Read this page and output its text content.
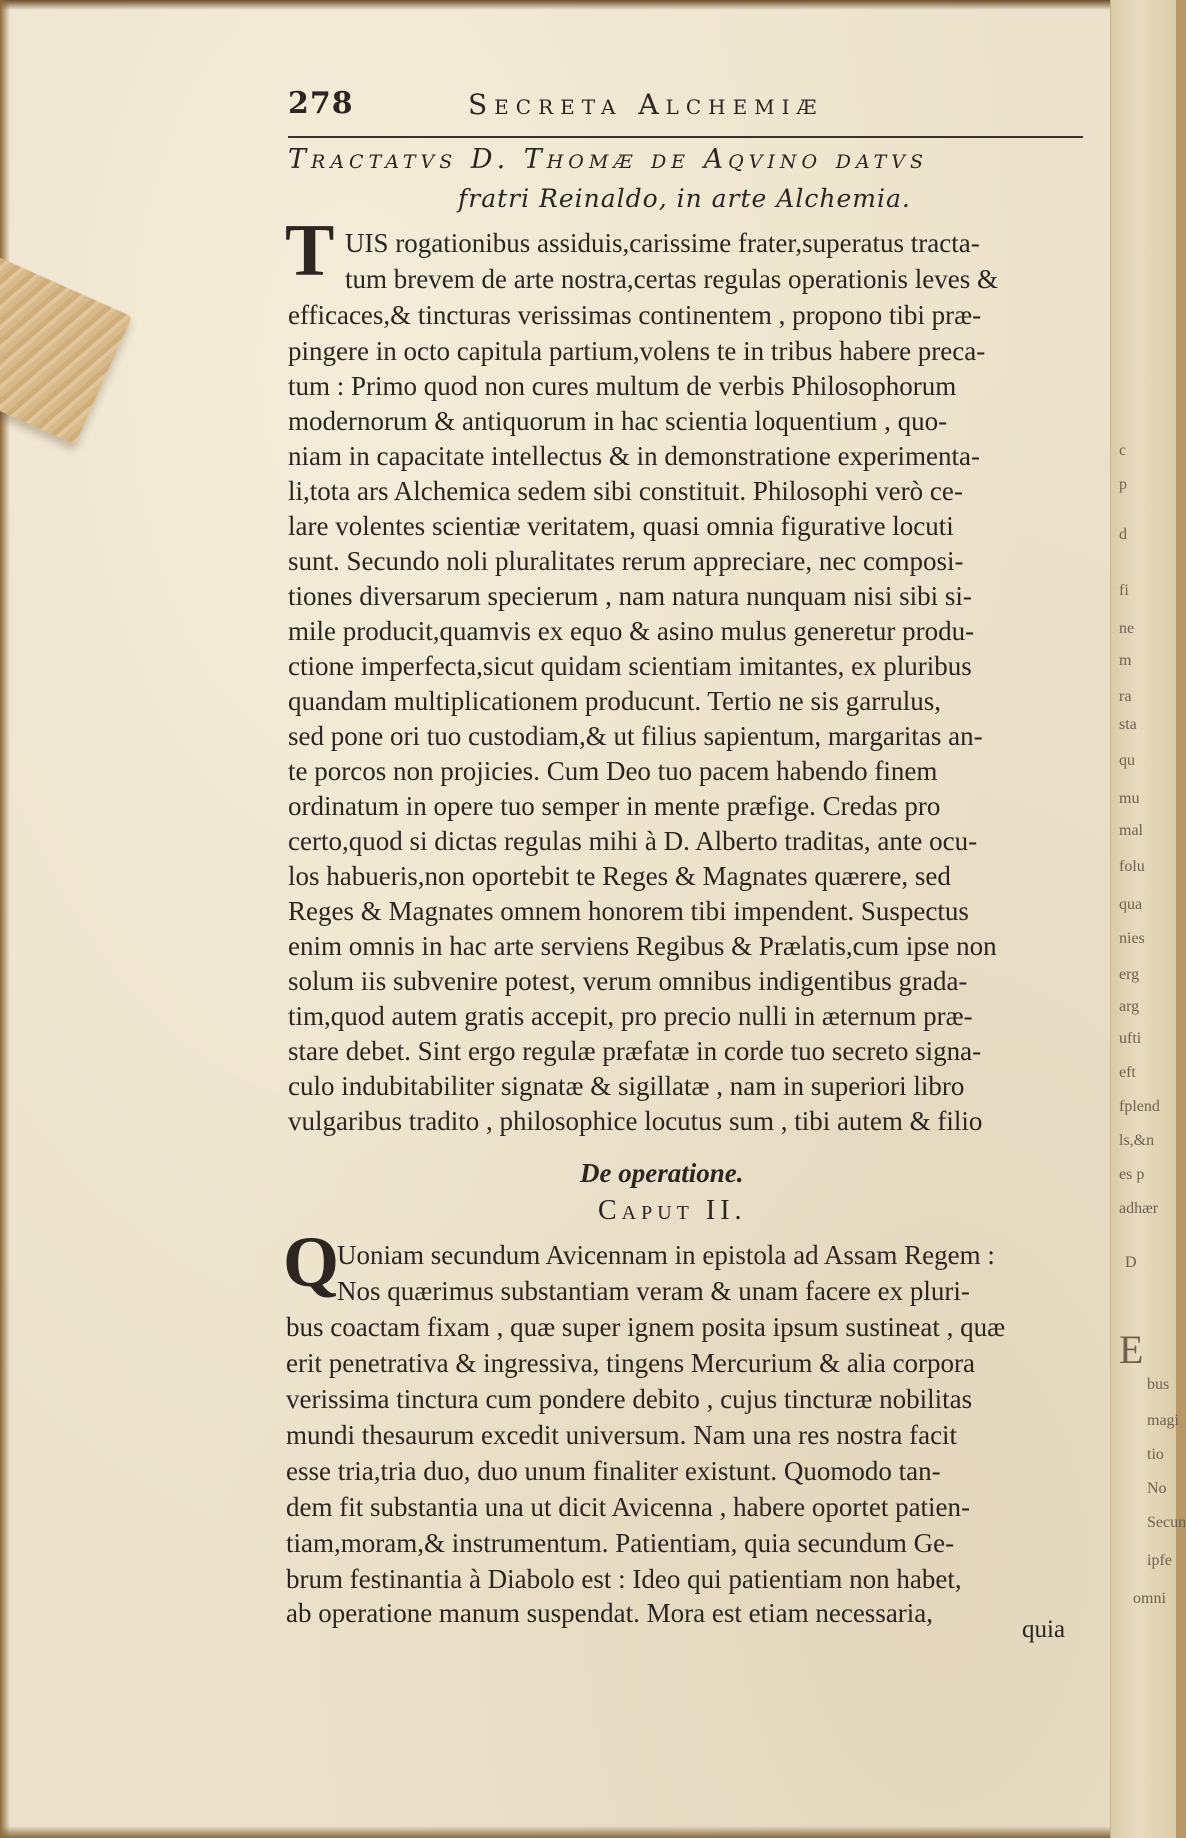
c
p
d
fi
ne
m
ra
sta
qu
mu
mal
folu
qua
nies
erg
arg
ufti
eft
fplend
ls,&n
es p
adhær
D
E
bus
magi
tio
No
Secun
ipfe
omni
278	Secreta Alchemiæ
Tractatvs D. Thomæ de Aqvino datvs
fratri Reinaldo, in arte Alchemia.
T UIS rogationibus assiduis,carissime frater,superatus tracta-
tum brevem de arte nostra,certas regulas operationis leves &
efficaces,& tincturas verissimas continentem , propono tibi præ-
pingere in octo capitula partium,volens te in tribus habere preca-
tum : Primo quod non cures multum de verbis Philosophorum
modernorum & antiquorum in hac scientia loquentium , quo-
niam in capacitate intellectus & in demonstratione experimenta-
li,tota ars Alchemica sedem sibi constituit. Philosophi verò ce-
lare volentes scientiæ veritatem, quasi omnia figurative locuti
sunt. Secundo noli pluralitates rerum appreciare, nec composi-
tiones diversarum specierum , nam natura nunquam nisi sibi si-
mile producit,quamvis ex equo & asino mulus generetur produ-
ctione imperfecta,sicut quidam scientiam imitantes, ex pluribus
quandam multiplicationem producunt. Tertio ne sis garrulus,
sed pone ori tuo custodiam,& ut filius sapientum, margaritas an-
te porcos non projicies. Cum Deo tuo pacem habendo finem
ordinatum in opere tuo semper in mente præfige. Credas pro
certo,quod si dictas regulas mihi à D. Alberto traditas, ante ocu-
los habueris,non oportebit te Reges & Magnates quærere, sed
Reges & Magnates omnem honorem tibi impendent. Suspectus
enim omnis in hac arte serviens Regibus & Prælatis,cum ipse non
solum iis subvenire potest, verum omnibus indigentibus grada-
tim,quod autem gratis accepit, pro precio nulli in æternum præ-
stare debet. Sint ergo regulæ præfatæ in corde tuo secreto signa-
culo indubitabiliter signatæ & sigillatæ , nam in superiori libro
vulgaribus tradito , philosophice locutus sum , tibi autem & filio
De operatione.
Caput II.
Q
Uoniam secundum Avicennam in epistola ad Assam Regem :
Nos quærimus substantiam veram & unam facere ex pluri-
bus coactam fixam , quæ super ignem posita ipsum sustineat , quæ
erit penetrativa & ingressiva, tingens Mercurium & alia corpora
verissima tinctura cum pondere debito , cujus tincturæ nobilitas
mundi thesaurum excedit universum. Nam una res nostra facit
esse tria,tria duo, duo unum finaliter existunt. Quomodo tan-
dem fit substantia una ut dicit Avicenna , habere oportet patien-
tiam,moram,& instrumentum. Patientiam, quia secundum Ge-
brum festinantia à Diabolo est : Ideo qui patientiam non habet,
ab operatione manum suspendat. Mora est etiam necessaria,
quia
